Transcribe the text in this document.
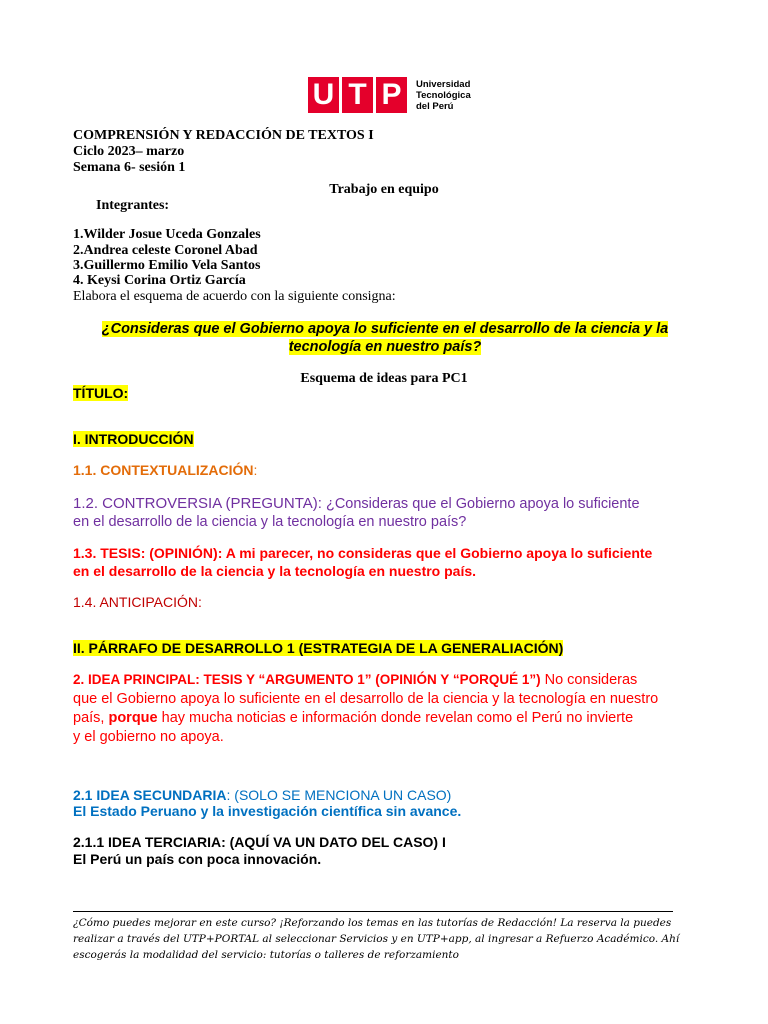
U T P	Universidad
Tecnológica
del Perú
COMPRENSIÓN Y REDACCIÓN DE TEXTOS I
Ciclo 2023– marzo
Semana 6- sesión 1
Trabajo en equipo
Integrantes:
1.Wilder Josue Uceda Gonzales
2.Andrea celeste Coronel Abad
3.Guillermo Emilio Vela Santos
4. Keysi Corina Ortiz García
Elabora el esquema de acuerdo con la siguiente consigna:
¿Consideras que el Gobierno apoya lo suficiente en el desarrollo de la ciencia y la tecnología en nuestro país?
Esquema de ideas para PC1
TÍTULO:
I. INTRODUCCIÓN
1.1. CONTEXTUALIZACIÓN:
1.2. CONTROVERSIA (PREGUNTA): ¿Consideras que el Gobierno apoya lo suficiente
en el desarrollo de la ciencia y la tecnología en nuestro país?
1.3. TESIS: (OPINIÓN): A mi parecer, no consideras que el Gobierno apoya lo suficiente
en el desarrollo de la ciencia y la tecnología en nuestro país.
1.4. ANTICIPACIÓN:
II. PÁRRAFO DE DESARROLLO 1 (ESTRATEGIA DE LA GENERALIACIÓN)
2. IDEA PRINCIPAL: TESIS Y “ARGUMENTO 1” (OPINIÓN Y “PORQUÉ 1”) No consideras
que el Gobierno apoya lo suficiente en el desarrollo de la ciencia y la tecnología en nuestro
país, porque hay mucha noticias e información donde revelan como el Perú no invierte
y el gobierno no apoya.
2.1 IDEA SECUNDARIA: (SOLO SE MENCIONA UN CASO)
El Estado Peruano y la investigación científica sin avance.
2.1.1 IDEA TERCIARIA: (AQUÍ VA UN DATO DEL CASO) I
El Perú un país con poca innovación.
¿Cómo puedes mejorar en este curso? ¡Reforzando los temas en las tutorías de Redacción! La reserva la puedes
realizar a través del UTP+PORTAL al seleccionar Servicios y en UTP+app, al ingresar a Refuerzo Académico. Ahí
escogerás la modalidad del servicio: tutorías o talleres de reforzamiento
